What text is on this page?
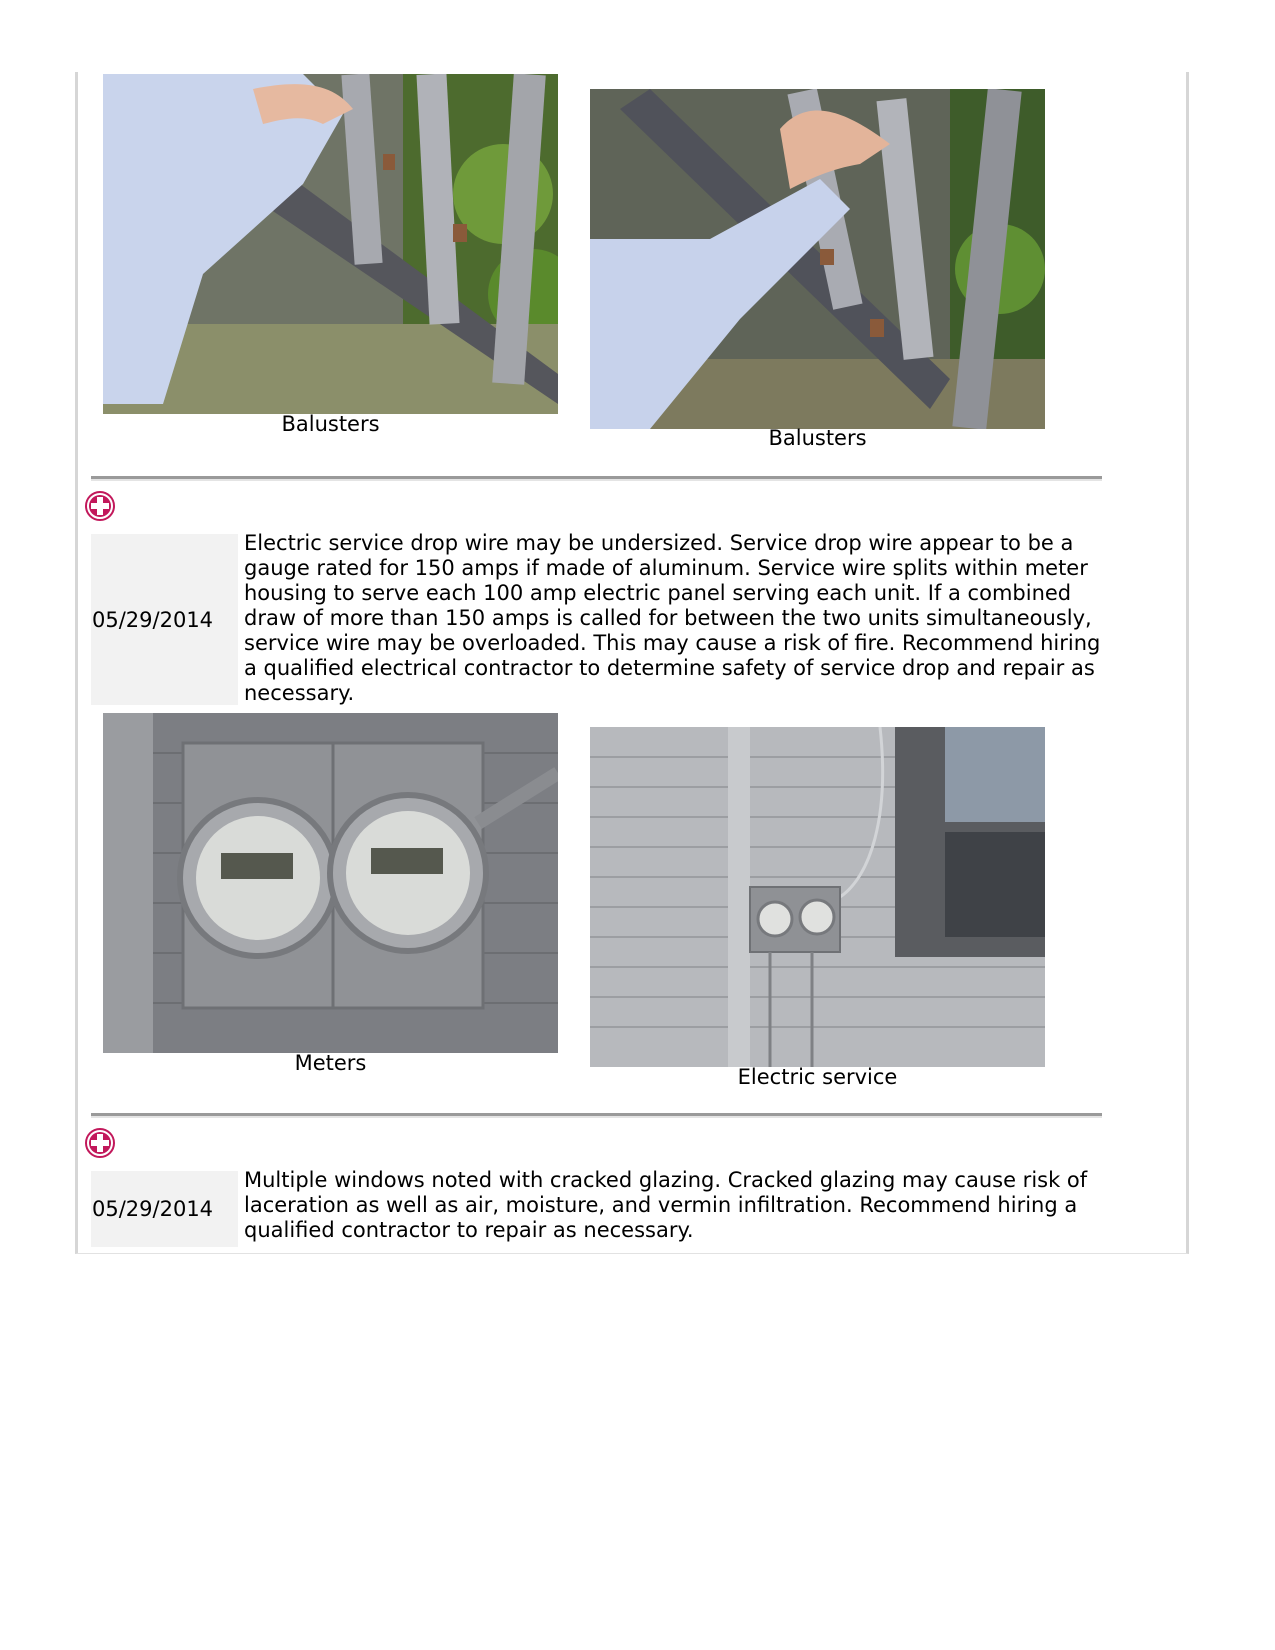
Balusters
Balusters
05/29/2014
Electric service drop wire may be undersized. Service drop wire appear to be a gauge rated for 150 amps if made of aluminum. Service wire splits within meter housing to serve each 100 amp electric panel serving each unit. If a combined draw of more than 150 amps is called for between the two units simultaneously, service wire may be overloaded. This may cause a risk of fire. Recommend hiring a qualified electrical contractor to determine safety of service drop and repair as necessary.
Meters
Electric service
05/29/2014
Multiple windows noted with cracked glazing. Cracked glazing may cause risk of laceration as well as air, moisture, and vermin infiltration. Recommend hiring a qualified contractor to repair as necessary.
